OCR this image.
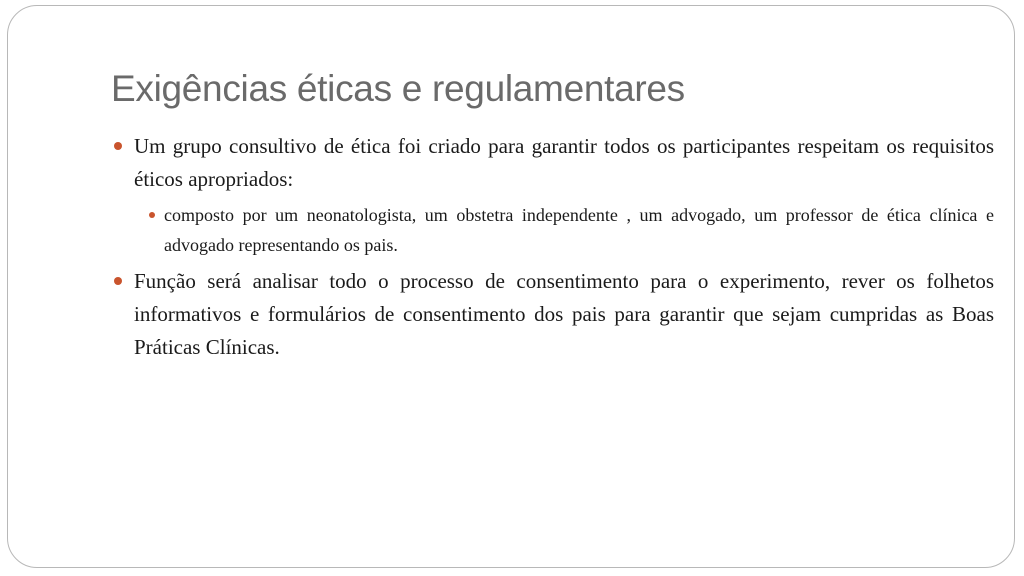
Exigências éticas e regulamentares
Um grupo consultivo de ética foi criado para garantir todos os participantes respeitam os requisitos éticos apropriados:
composto por um neonatologista, um obstetra independente , um advogado, um professor de ética clínica e advogado representando os pais.
Função será analisar todo o processo de consentimento para o experimento, rever os folhetos informativos e formulários de consentimento dos pais para garantir que sejam cumpridas as Boas Práticas Clínicas.
